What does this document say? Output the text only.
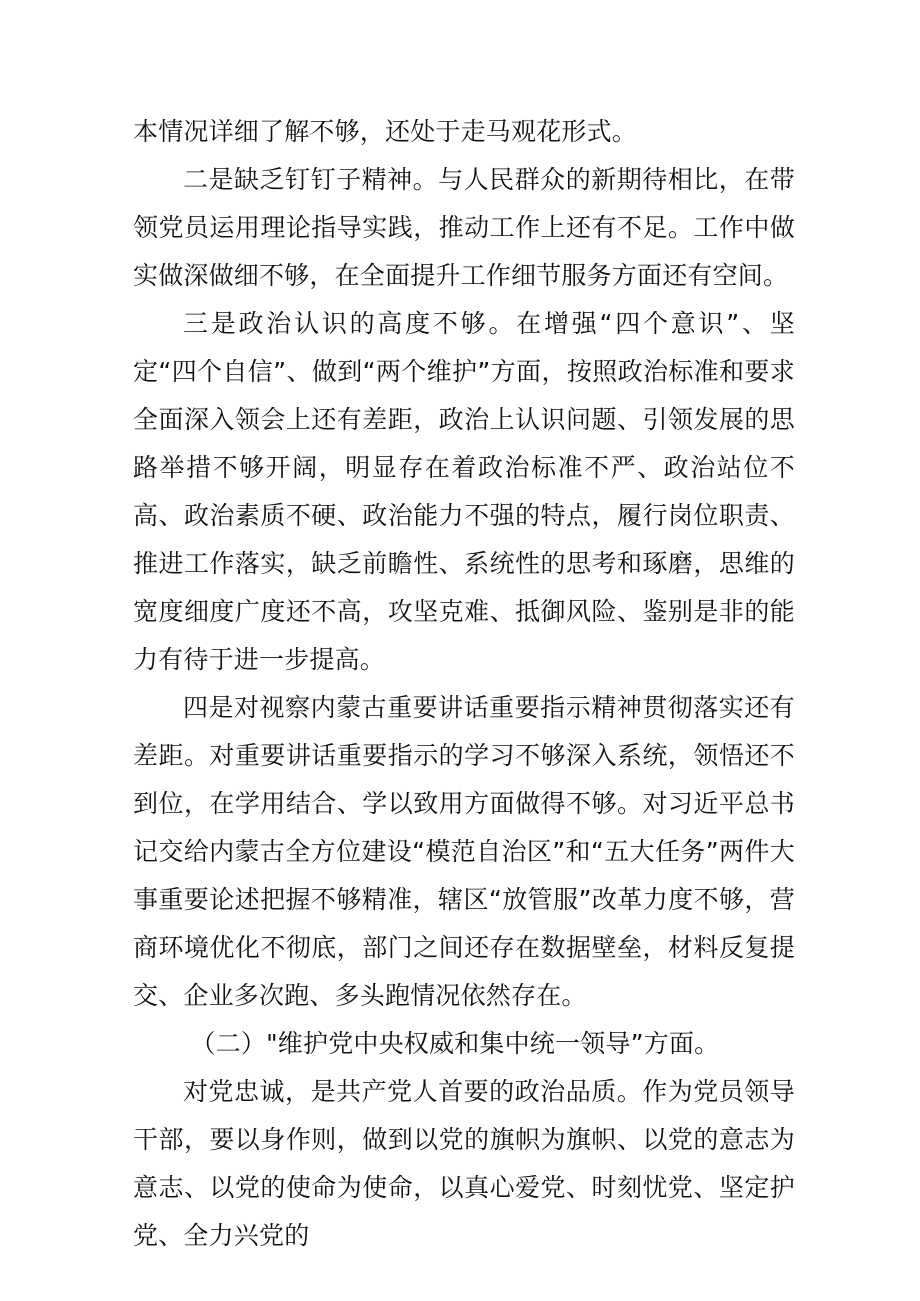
本情况详细了解不够，还处于走马观花形式。

二是缺乏钉钉子精神。与人民群众的新期待相比，在带领党员运用理论指导实践，推动工作上还有不足。工作中做实做深做细不够，在全面提升工作细节服务方面还有空间。

三是政治认识的高度不够。在增强“四个意识”、坚定“四个自信”、做到“两个维护”方面，按照政治标准和要求全面深入领会上还有差距，政治上认识问题、引领发展的思路举措不够开阔，明显存在着政治标准不严、政治站位不高、政治素质不硬、政治能力不强的特点，履行岗位职责、推进工作落实，缺乏前瞻性、系统性的思考和琢磨，思维的宽度细度广度还不高，攻坚克难、抵御风险、鉴别是非的能力有待于进一步提高。

四是对视察内蒙古重要讲话重要指示精神贯彻落实还有差距。对重要讲话重要指示的学习不够深入系统，领悟还不到位，在学用结合、学以致用方面做得不够。对习近平总书记交给内蒙古全方位建设“模范自治区”和“五大任务”两件大事重要论述把握不够精准，辖区“放管服”改革力度不够，营商环境优化不彻底，部门之间还存在数据壁垒，材料反复提交、企业多次跑、多头跑情况依然存在。

（二）"维护党中央权威和集中统一领导”方面。

对党忠诚，是共产党人首要的政治品质。作为党员领导干部，要以身作则，做到以党的旗帜为旗帜、以党的意志为意志、以党的使命为使命，以真心爱党、时刻忧党、坚定护党、全力兴党的
